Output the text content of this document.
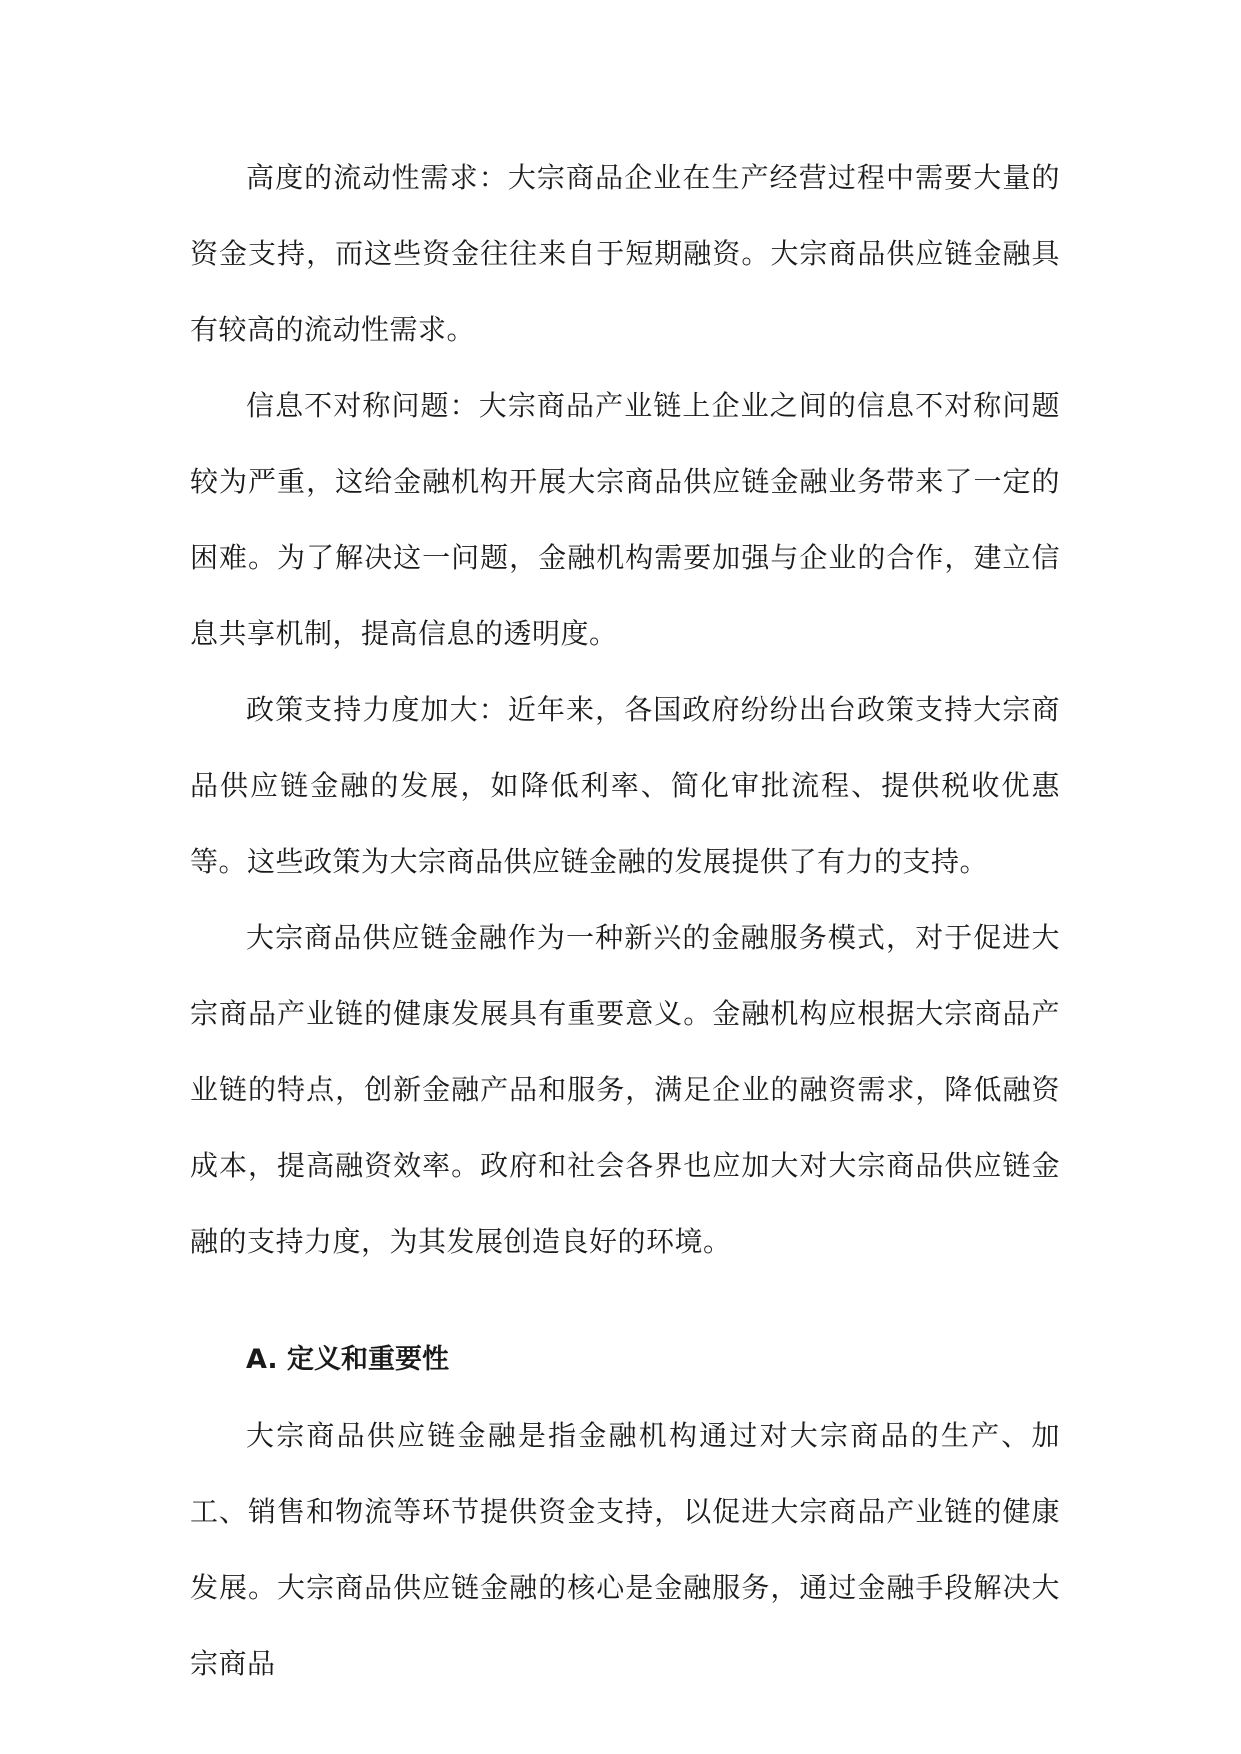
高度的流动性需求：大宗商品企业在生产经营过程中需要大量的资金支持，而这些资金往往来自于短期融资。大宗商品供应链金融具有较高的流动性需求。

信息不对称问题：大宗商品产业链上企业之间的信息不对称问题较为严重，这给金融机构开展大宗商品供应链金融业务带来了一定的困难。为了解决这一问题，金融机构需要加强与企业的合作，建立信息共享机制，提高信息的透明度。

政策支持力度加大：近年来，各国政府纷纷出台政策支持大宗商品供应链金融的发展，如降低利率、简化审批流程、提供税收优惠等。这些政策为大宗商品供应链金融的发展提供了有力的支持。

大宗商品供应链金融作为一种新兴的金融服务模式，对于促进大宗商品产业链的健康发展具有重要意义。金融机构应根据大宗商品产业链的特点，创新金融产品和服务，满足企业的融资需求，降低融资成本，提高融资效率。政府和社会各界也应加大对大宗商品供应链金融的支持力度，为其发展创造良好的环境。

A. 定义和重要性

大宗商品供应链金融是指金融机构通过对大宗商品的生产、加工、销售和物流等环节提供资金支持，以促进大宗商品产业链的健康发展。大宗商品供应链金融的核心是金融服务，通过金融手段解决大宗商品
